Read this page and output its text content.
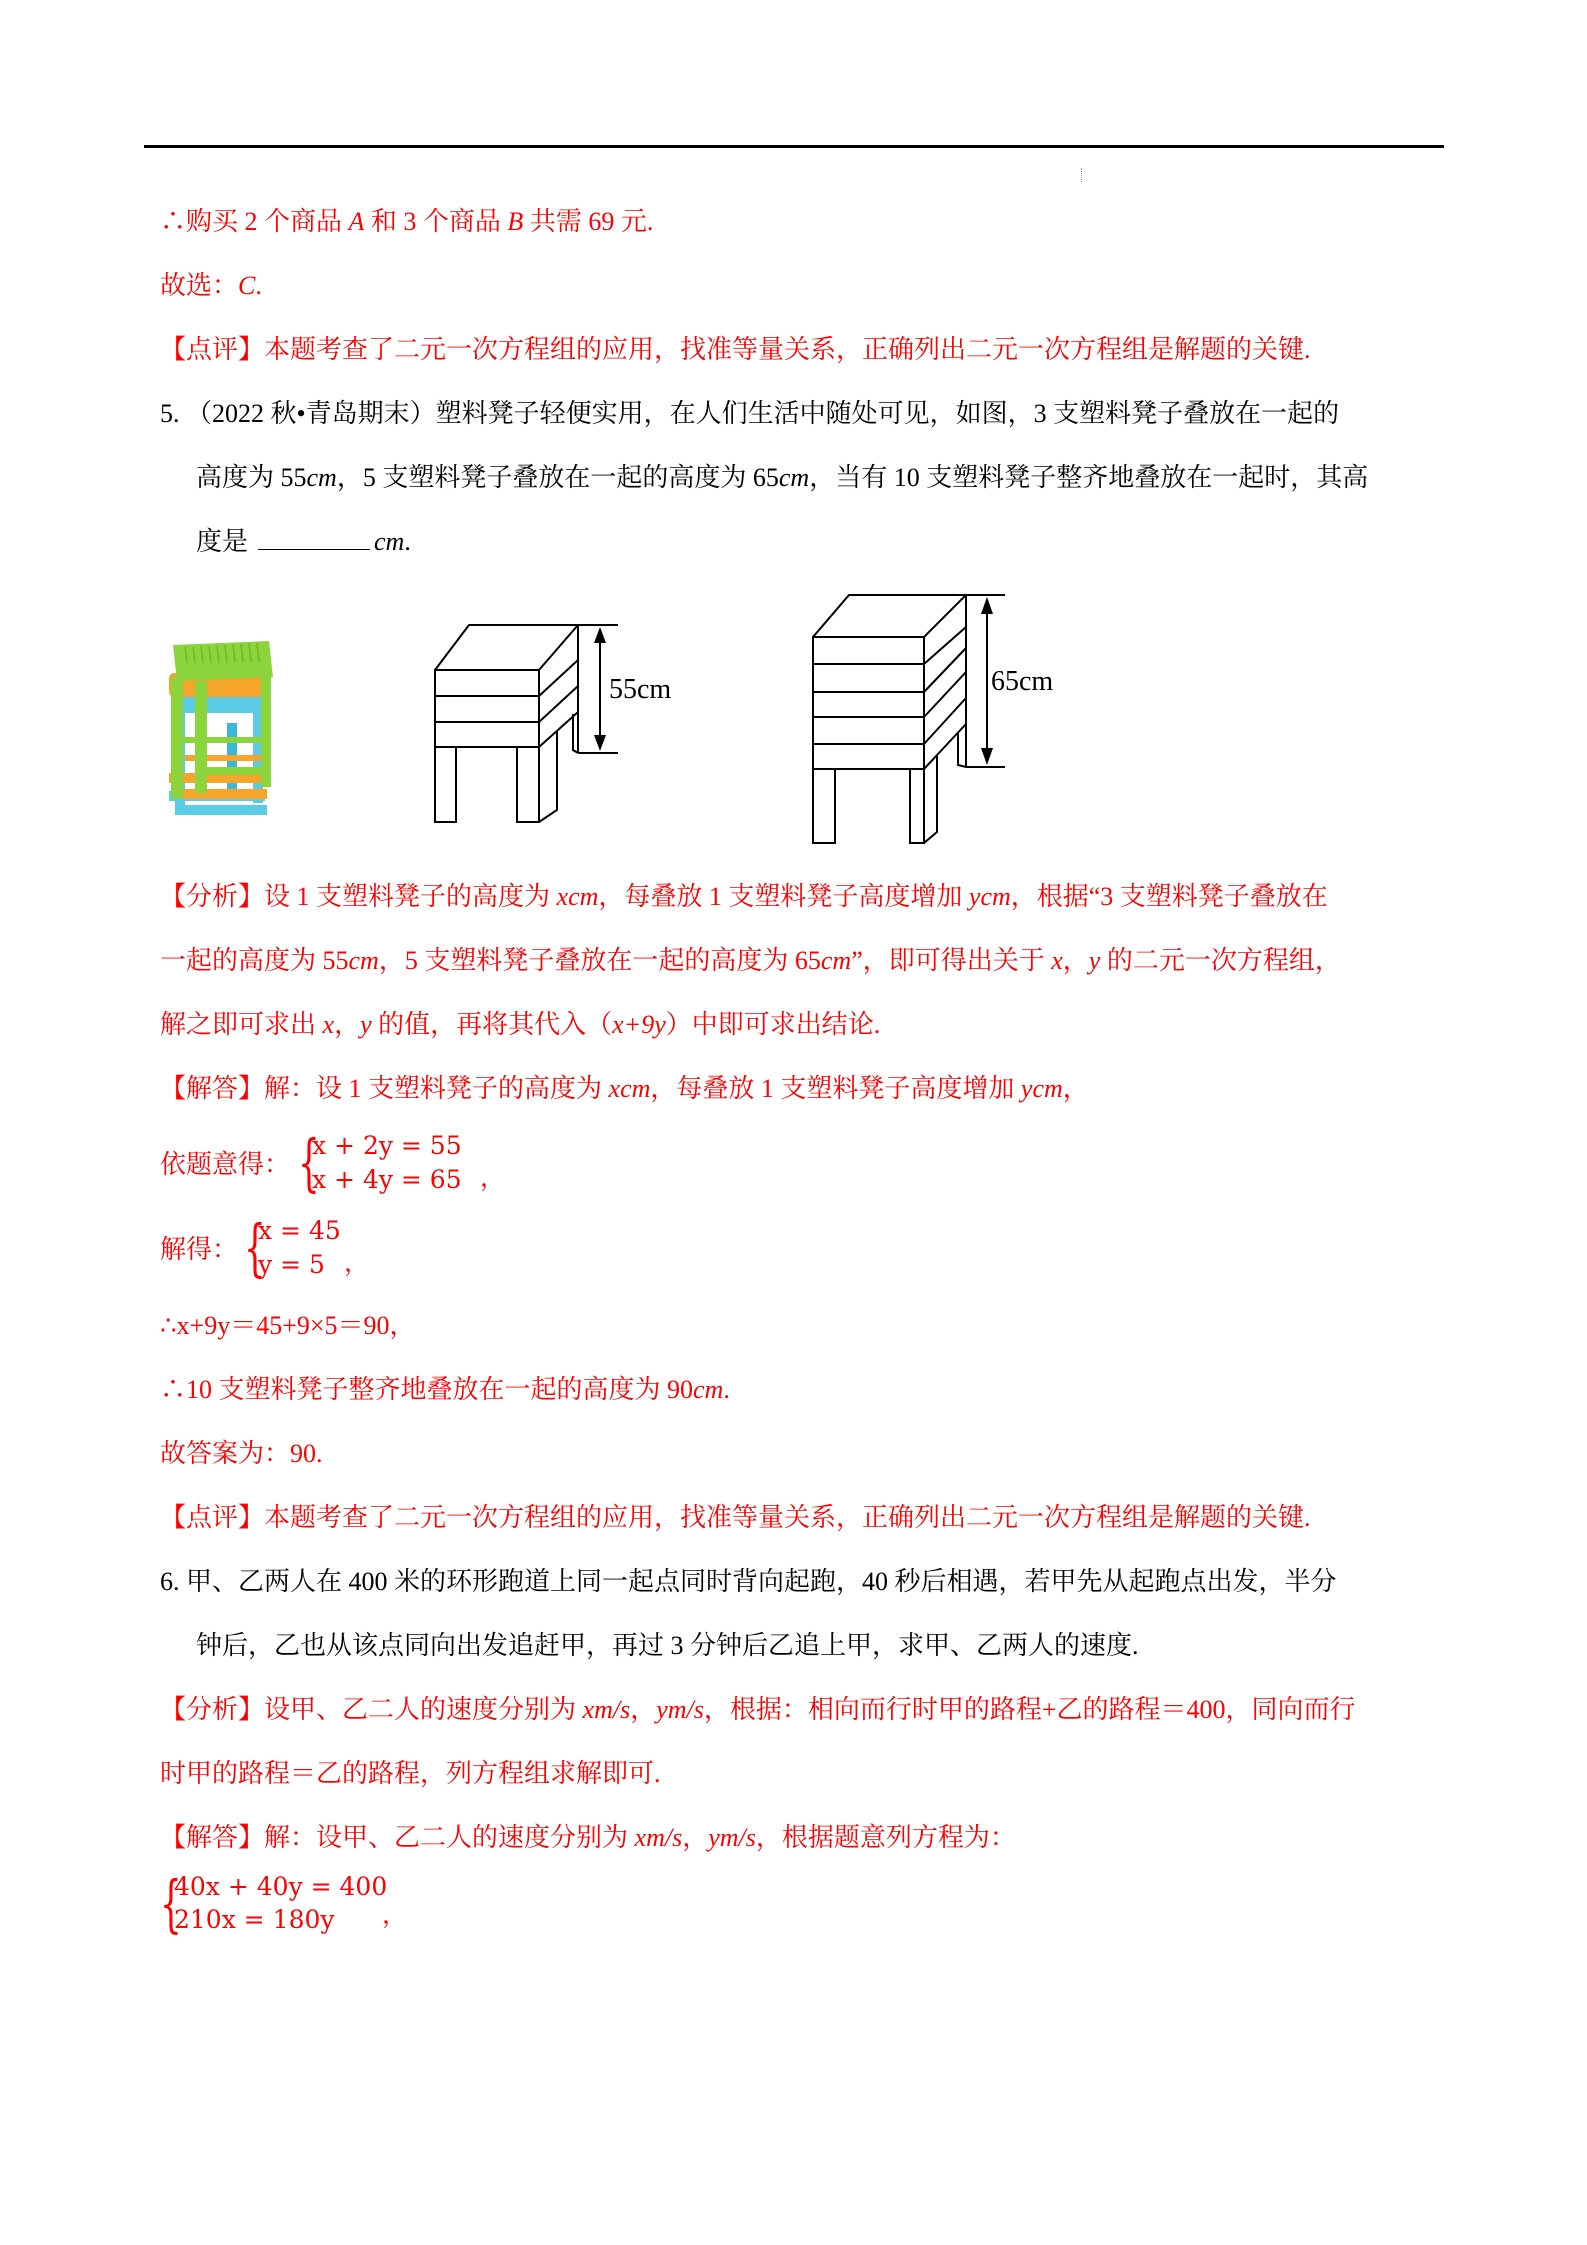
∴购买 2 个商品 A 和 3 个商品 B 共需 69 元.
故选：C.
【点评】本题考查了二元一次方程组的应用，找准等量关系，正确列出二元一次方程组是解题的关键.
5. （2022 秋•青岛期末）塑料凳子轻便实用，在人们生活中随处可见，如图，3 支塑料凳子叠放在一起的
高度为 55cm，5 支塑料凳子叠放在一起的高度为 65cm，当有 10 支塑料凳子整齐地叠放在一起时，其高
度是	cm.
55cm	65cm
【分析】设 1 支塑料凳子的高度为 xcm，每叠放 1 支塑料凳子高度增加 ycm，根据“3 支塑料凳子叠放在
一起的高度为 55cm，5 支塑料凳子叠放在一起的高度为 65cm”，即可得出关于 x，y 的二元一次方程组，
解之即可求出 x，y 的值，再将其代入（x+9y）中即可求出结论.
【解答】解：设 1 支塑料凳子的高度为 xcm，每叠放 1 支塑料凳子高度增加 ycm，
依题意得： {
x + 2y = 55
x + 4y = 65 ，
解得： {
x = 45
y = 5 ，
∴x+9y＝45+9×5＝90，
∴10 支塑料凳子整齐地叠放在一起的高度为 90cm.
故答案为：90.
【点评】本题考查了二元一次方程组的应用，找准等量关系，正确列出二元一次方程组是解题的关键.
6. 甲、乙两人在 400 米的环形跑道上同一起点同时背向起跑，40 秒后相遇，若甲先从起跑点出发，半分
钟后，乙也从该点同向出发追赶甲，再过 3 分钟后乙追上甲，求甲、乙两人的速度.
【分析】设甲、乙二人的速度分别为 xm/s，ym/s，根据：相向而行时甲的路程+乙的路程＝400，同向而行
时甲的路程＝乙的路程，列方程组求解即可.
【解答】解：设甲、乙二人的速度分别为 xm/s，ym/s，根据题意列方程为：
{
40x + 40y = 400
210x = 180y ，
